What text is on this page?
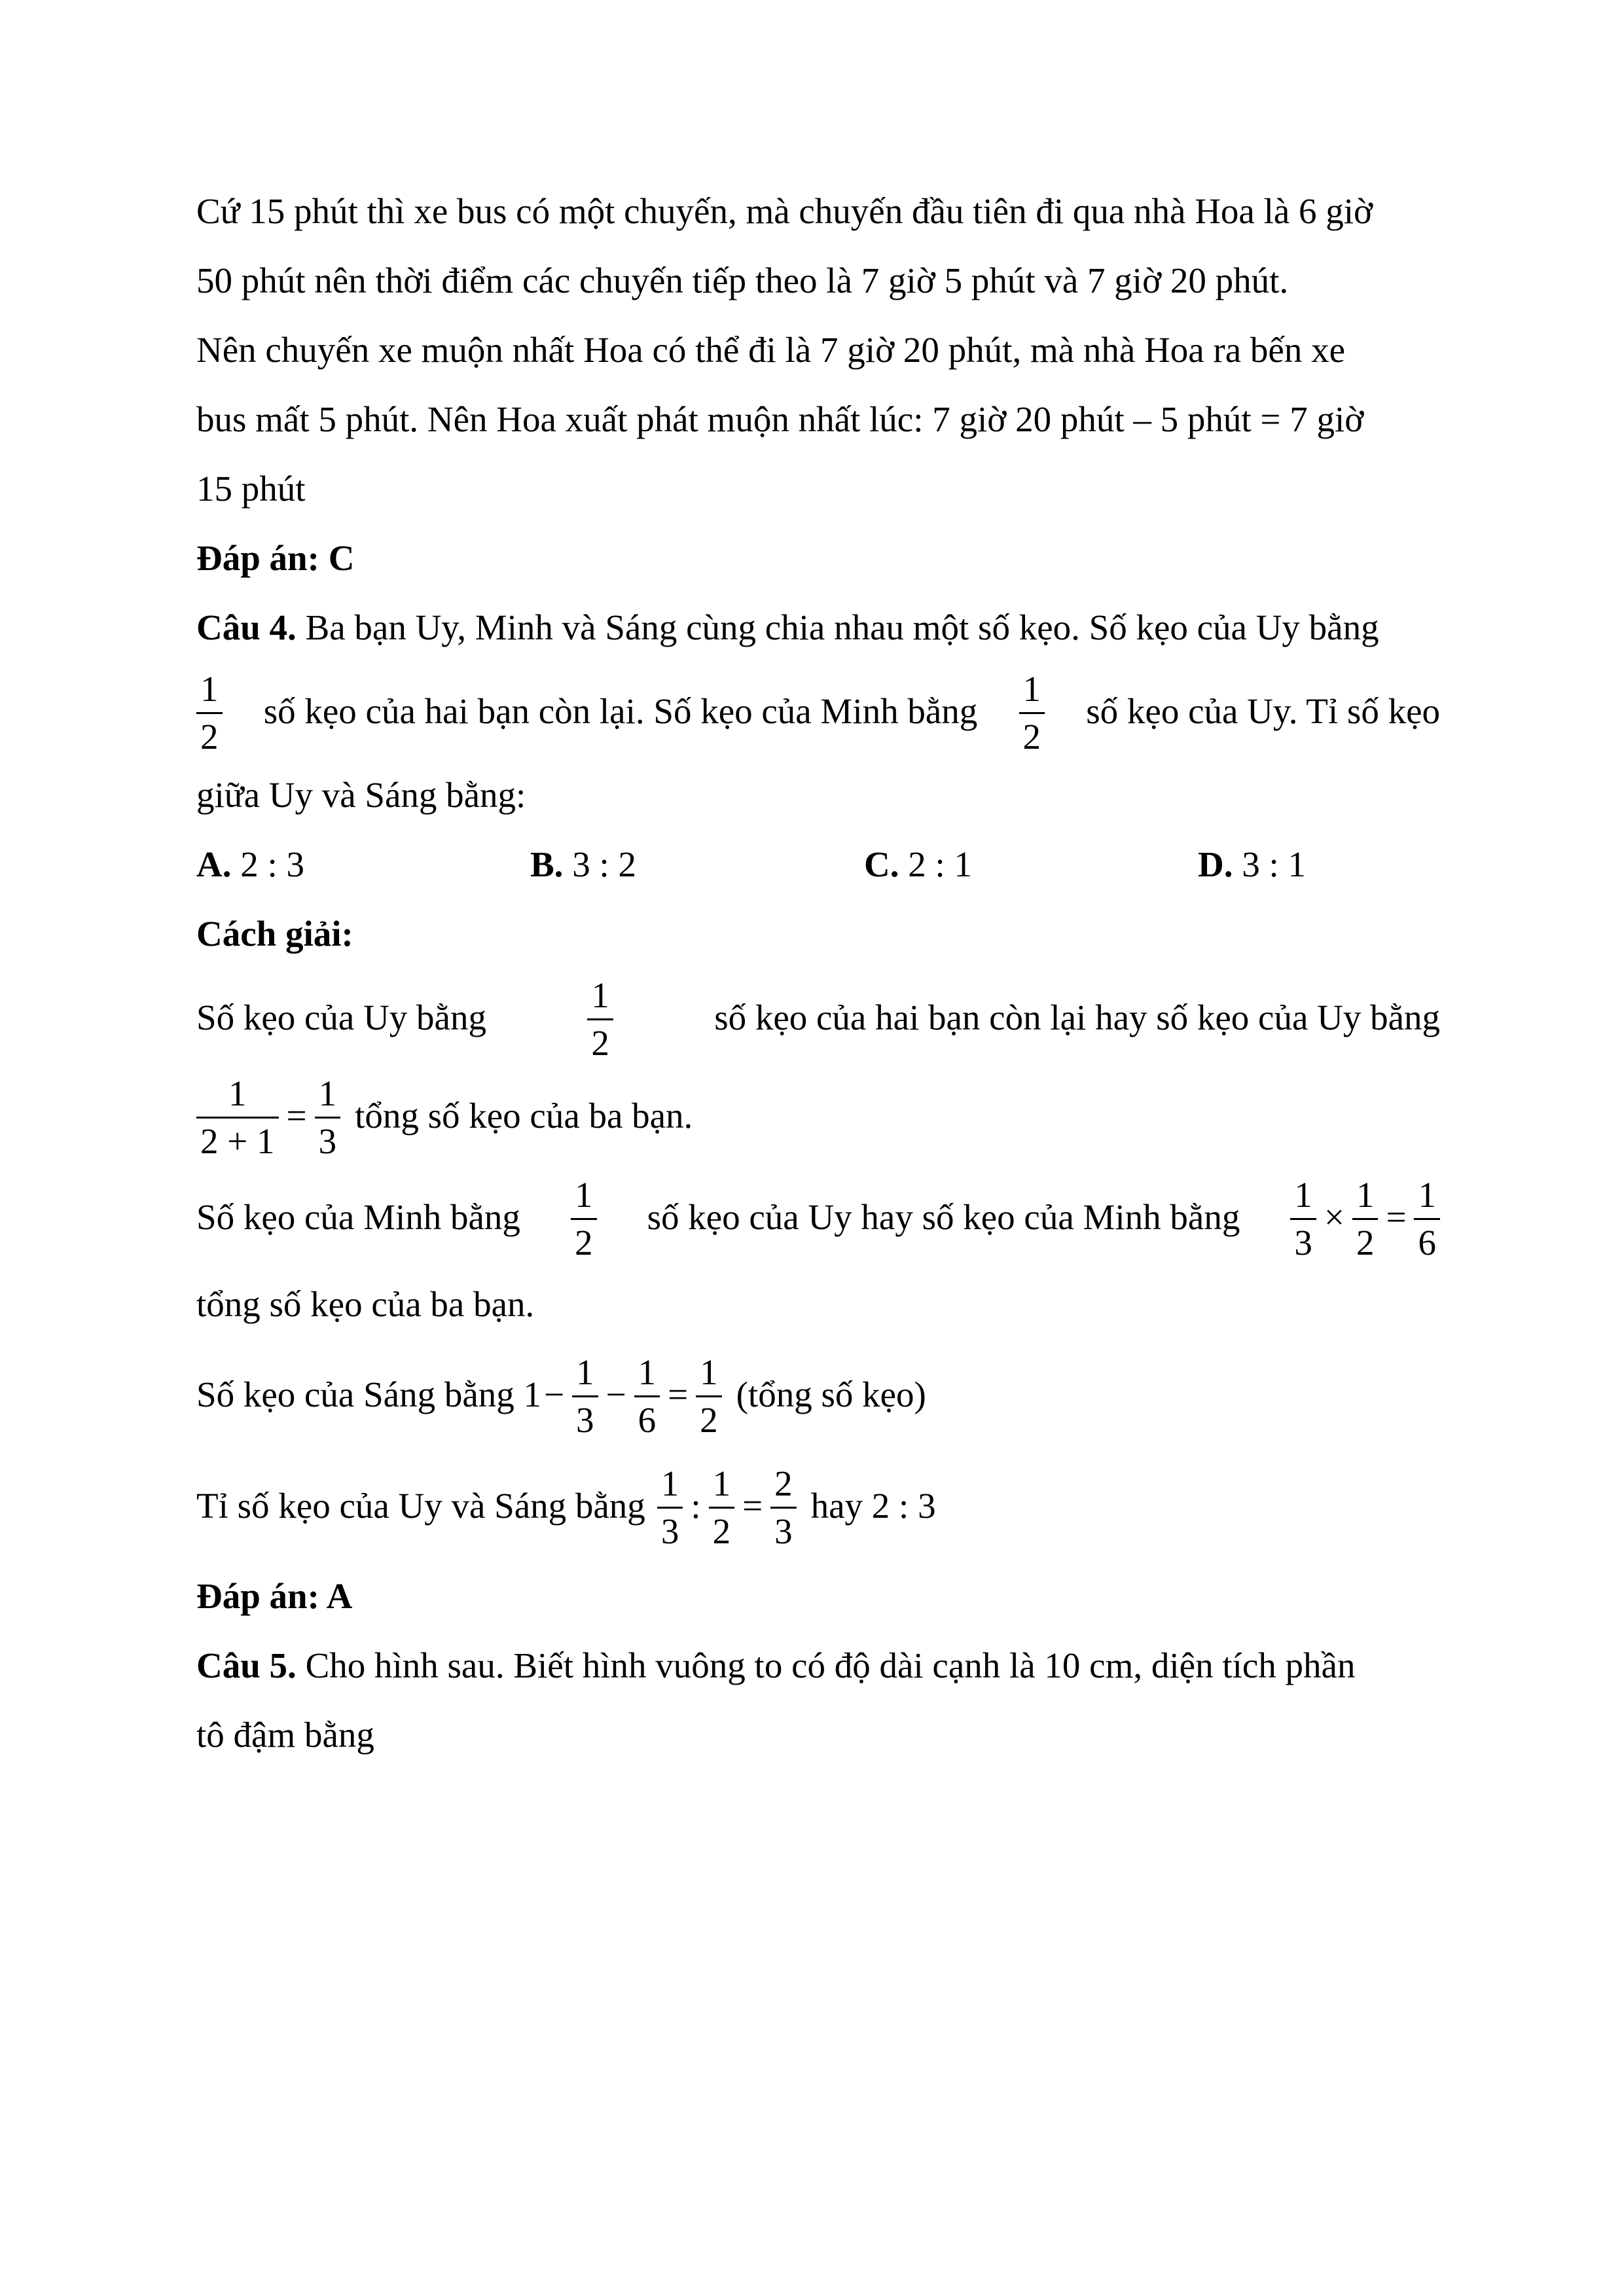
Cứ 15 phút thì xe bus có một chuyến, mà chuyến đầu tiên đi qua nhà Hoa là 6 giờ

50 phút nên thời điểm các chuyến tiếp theo là 7 giờ 5 phút và 7 giờ 20 phút.

Nên chuyến xe muộn nhất Hoa có thể đi là 7 giờ 20 phút, mà nhà Hoa ra bến xe

bus mất 5 phút. Nên Hoa xuất phát muộn nhất lúc: 7 giờ 20 phút – 5 phút = 7 giờ

15 phút

Đáp án: C

Câu 4. Ba bạn Uy, Minh và Sáng cùng chia nhau một số kẹo. Số kẹo của Uy bằng

$\frac{1}{2}$ số kẹo của hai bạn còn lại. Số kẹo của Minh bằng $\frac{1}{2}$ số kẹo của Uy. Tỉ số kẹo

giữa Uy và Sáng bằng:

A. 2 : 3	B. 3 : 2	C. 2 : 1	D. 3 : 1

Cách giải:

Số kẹo của Uy bằng	$\frac{1}{2}$	số kẹo của hai bạn còn lại hay số kẹo của Uy bằng
$\frac{1}{2 + 1} = \frac{1}{3}$ tổng số kẹo của ba bạn.
Số kẹo của Minh bằng $\frac{1}{2}$ số kẹo của Uy hay số kẹo của Minh bằng $\frac{1}{3} \times \frac{1}{2} = \frac{1}{6}$

tổng số kẹo của ba bạn.

Số kẹo của Sáng bằng $1 - \frac{1}{3} - \frac{1}{6} = \frac{1}{2}$ (tổng số kẹo)
Tỉ số kẹo của Uy và Sáng bằng $\frac{1}{3}$ : $\frac{1}{2} = \frac{2}{3}$ hay 2 : 3

Đáp án: A

Câu 5. Cho hình sau. Biết hình vuông to có độ dài cạnh là 10 cm, diện tích phần

tô đậm bằng
